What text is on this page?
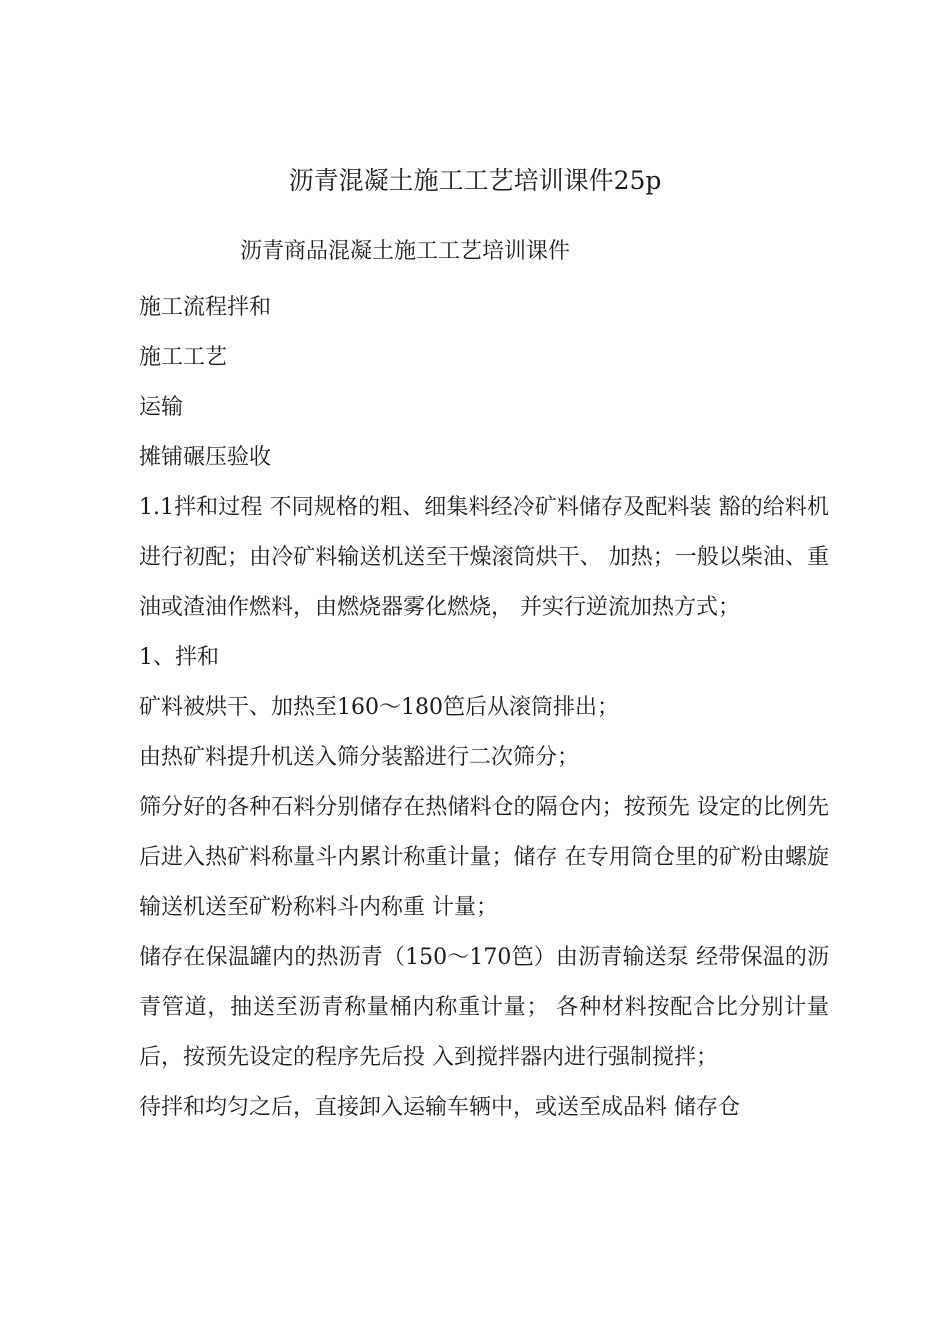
沥青混凝土施工工艺培训课件25p
沥青商品混凝土施工工艺培训课件

施工流程拌和

施工工艺

运输

摊铺碾压验收

1.1拌和过程 不同规格的粗、细集料经冷矿料储存及配料装 豁的给料机进行初配；由冷矿料输送机送至干燥滚筒烘干、 加热；一般以柴油、重油或渣油作燃料，由燃烧器雾化燃烧， 并实行逆流加热方式；

1、拌和

矿料被烘干、加热至160〜180笆后从滚筒排出；

由热矿料提升机送入筛分装豁进行二次筛分；

筛分好的各种石料分别储存在热储料仓的隔仓内；按预先 设定的比例先后进入热矿料称量斗内累计称重计量；储存 在专用筒仓里的矿粉由螺旋输送机送至矿粉称料斗内称重 计量；

储存在保温罐内的热沥青（150〜170笆）由沥青输送泵 经带保温的沥青管道，抽送至沥青称量桶内称重计量； 各种材料按配合比分别计量后，按预先设定的程序先后投 入到搅拌器内进行强制搅拌；

待拌和均匀之后，直接卸入运输车辆中，或送至成品料 储存仓
